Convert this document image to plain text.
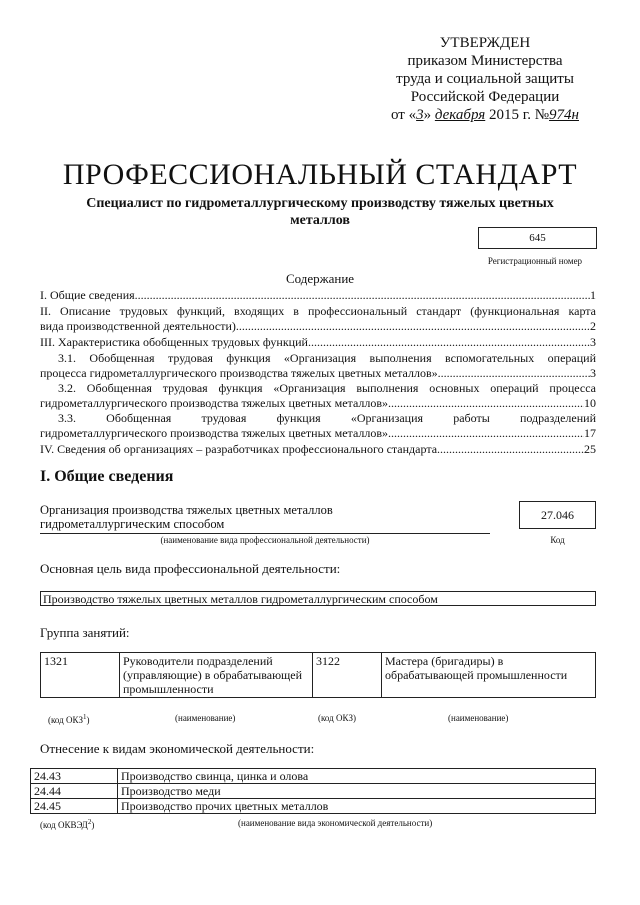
УТВЕРЖДЕН
приказом Министерства
труда и социальной защиты
Российской Федерации
от «3» декабря 2015 г. №974н
ПРОФЕССИОНАЛЬНЫЙ СТАНДАРТ
Специалист по гидрометаллургическому производству тяжелых цветных металлов
645
Регистрационный номер
Содержание
I. Общие сведения .....	1
II. Описание трудовых функций, входящих в профессиональный стандарт (функциональная карта
вида производственной деятельности) .....	2
III. Характеристика обобщенных трудовых функций .....	3
3.1. Обобщенная трудовая функция «Организация выполнения вспомогательных операций
процесса гидрометаллургического производства тяжелых цветных металлов» .....	3
3.2. Обобщенная трудовая функция «Организация выполнения основных операций процесса
гидрометаллургического производства тяжелых цветных металлов» .....	10
3.3. Обобщенная трудовая функция «Организация работы подразделений
гидрометаллургического производства тяжелых цветных металлов» .....	17
IV. Сведения об организациях – разработчиках профессионального стандарта .....	25
I. Общие сведения
Организация производства тяжелых цветных металлов
гидрометаллургическим способом
27.046
(наименование вида профессиональной деятельности)	Код
Основная цель вида профессиональной деятельности:
Производство тяжелых цветных металлов гидрометаллургическим способом
Группа занятий:
1321	Руководители подразделений (управляющие) в обрабатывающей промышленности	3122	Мастера (бригадиры) в обрабатывающей промышленности
(код ОКЗ$^1$)	(наименование)	(код ОКЗ)	(наименование)
Отнесение к видам экономической деятельности:
24.43	Производство свинца, цинка и олова
24.44	Производство меди
24.45	Производство прочих цветных металлов
(код ОКВЭД$^2$)	(наименование вида экономической деятельности)
